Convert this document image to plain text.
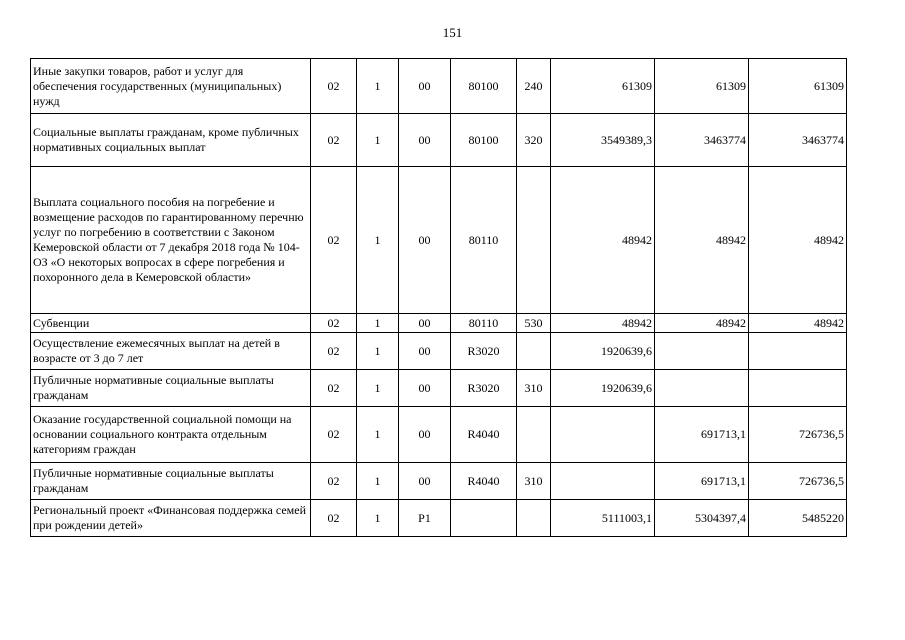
151
Иные закупки товаров, работ и услуг для обеспечения государственных (муниципальных) нужд	02	1	00	80100	240	61309	61309	61309
Социальные выплаты гражданам, кроме публичных нормативных социальных выплат	02	1	00	80100	320	3549389,3	3463774	3463774
Выплата социального пособия на погребение и возмещение расходов по гарантированному перечню услуг по погребению в соответствии с Законом Кемеровской области от 7 декабря 2018 года № 104-ОЗ «О некоторых вопросах в сфере погребения и похоронного дела в Кемеровской области»	02	1	00	80110		48942	48942	48942
Субвенции	02	1	00	80110	530	48942	48942	48942
Осуществление ежемесячных выплат на детей в возрасте от 3 до 7 лет	02	1	00	R3020		1920639,6		
Публичные нормативные социальные выплаты гражданам	02	1	00	R3020	310	1920639,6		
Оказание государственной социальной помощи на основании социального контракта отдельным категориям граждан	02	1	00	R4040			691713,1	726736,5
Публичные нормативные социальные выплаты гражданам	02	1	00	R4040	310		691713,1	726736,5
Региональный проект «Финансовая поддержка семей при рождении детей»	02	1	P1			5111003,1	5304397,4	5485220
